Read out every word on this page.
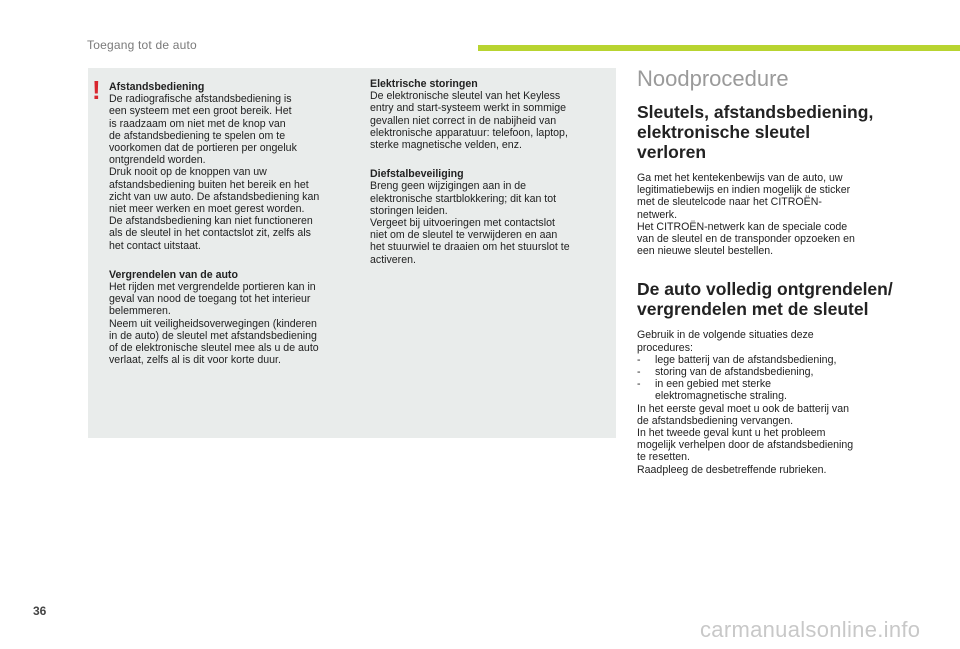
Toegang tot de auto
! Afstandsbediening
De radiografische afstandsbediening is
een systeem met een groot bereik. Het
is raadzaam om niet met de knop van
de afstandsbediening te spelen om te
voorkomen dat de portieren per ongeluk
ontgrendeld worden.
Druk nooit op de knoppen van uw
afstandsbediening buiten het bereik en het
zicht van uw auto. De afstandsbediening kan
niet meer werken en moet gerest worden.
De afstandsbediening kan niet functioneren
als de sleutel in het contactslot zit, zelfs als
het contact uitstaat.
Vergrendelen van de auto
Het rijden met vergrendelde portieren kan in
geval van nood de toegang tot het interieur
belemmeren.
Neem uit veiligheidsoverwegingen (kinderen
in de auto) de sleutel met afstandsbediening
of de elektronische sleutel mee als u de auto
verlaat, zelfs al is dit voor korte duur.
Elektrische storingen
De elektronische sleutel van het Keyless
entry and start-systeem werkt in sommige
gevallen niet correct in de nabijheid van
elektronische apparatuur: telefoon, laptop,
sterke magnetische velden, enz.
Diefstalbeveiliging
Breng geen wijzigingen aan in de
elektronische startblokkering; dit kan tot
storingen leiden.
Vergeet bij uitvoeringen met contactslot
niet om de sleutel te verwijderen en aan
het stuurwiel te draaien om het stuurslot te
activeren.
Noodprocedure
Sleutels, afstandsbediening,
elektronische sleutel
verloren
Ga met het kentekenbewijs van de auto, uw
legitimatiebewijs en indien mogelijk de sticker
met de sleutelcode naar het CITROËN-
netwerk.
Het CITROËN-netwerk kan de speciale code
van de sleutel en de transponder opzoeken en
een nieuwe sleutel bestellen.
De auto volledig ontgrendelen/
vergrendelen met de sleutel
Gebruik in de volgende situaties deze
procedures:
- lege batterij van de afstandsbediening,
- storing van de afstandsbediening,
- in een gebied met sterke
elektromagnetische straling.
In het eerste geval moet u ook de batterij van
de afstandsbediening vervangen.
In het tweede geval kunt u het probleem
mogelijk verhelpen door de afstandsbediening
te resetten.
Raadpleeg de desbetreffende rubrieken.
36
carmanualsonline.info
